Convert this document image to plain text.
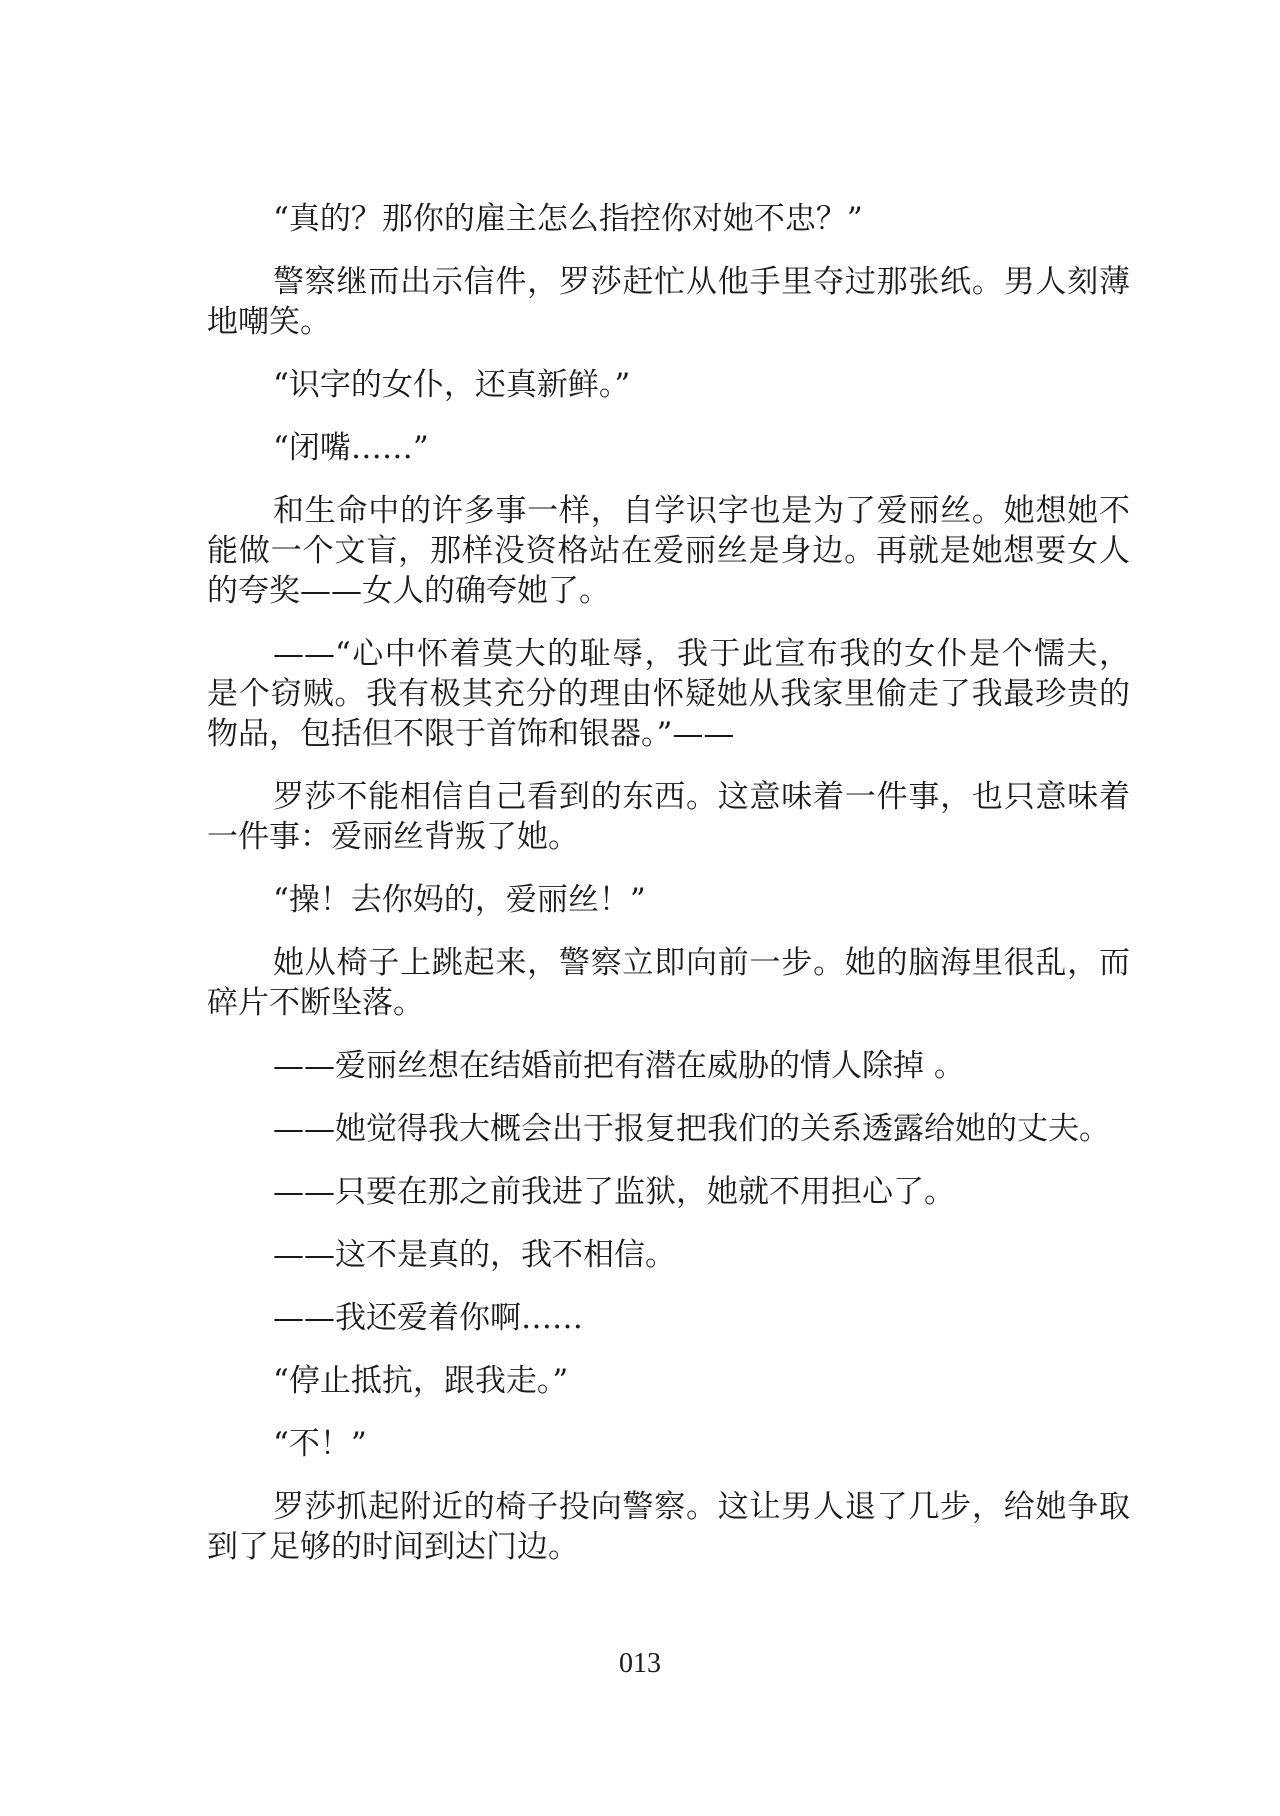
“真的？那你的雇主怎么指控你对她不忠？”
警察继而出示信件，罗莎赶忙从他手里夺过那张纸。男人刻薄
地嘲笑。
“识字的女仆，还真新鲜。”
“闭嘴……”
和生命中的许多事一样，自学识字也是为了爱丽丝。她想她不
能做一个文盲，那样没资格站在爱丽丝是身边。再就是她想要女人
的夸奖——女人的确夸她了。
——“心中怀着莫大的耻辱，我于此宣布我的女仆是个懦夫，
是个窃贼。我有极其充分的理由怀疑她从我家里偷走了我最珍贵的
物品，包括但不限于首饰和银器。”——
罗莎不能相信自己看到的东西。这意味着一件事，也只意味着
一件事：爱丽丝背叛了她。
“操！去你妈的，爱丽丝！”
她从椅子上跳起来，警察立即向前一步。她的脑海里很乱，而
碎片不断坠落。
——爱丽丝想在结婚前把有潜在威胁的情人除掉 。
——她觉得我大概会出于报复把我们的关系透露给她的丈夫。
——只要在那之前我进了监狱，她就不用担心了。
——这不是真的，我不相信。
——我还爱着你啊……
“停止抵抗，跟我走。”
“不！”
罗莎抓起附近的椅子投向警察。这让男人退了几步，给她争取
到了足够的时间到达门边。
013
